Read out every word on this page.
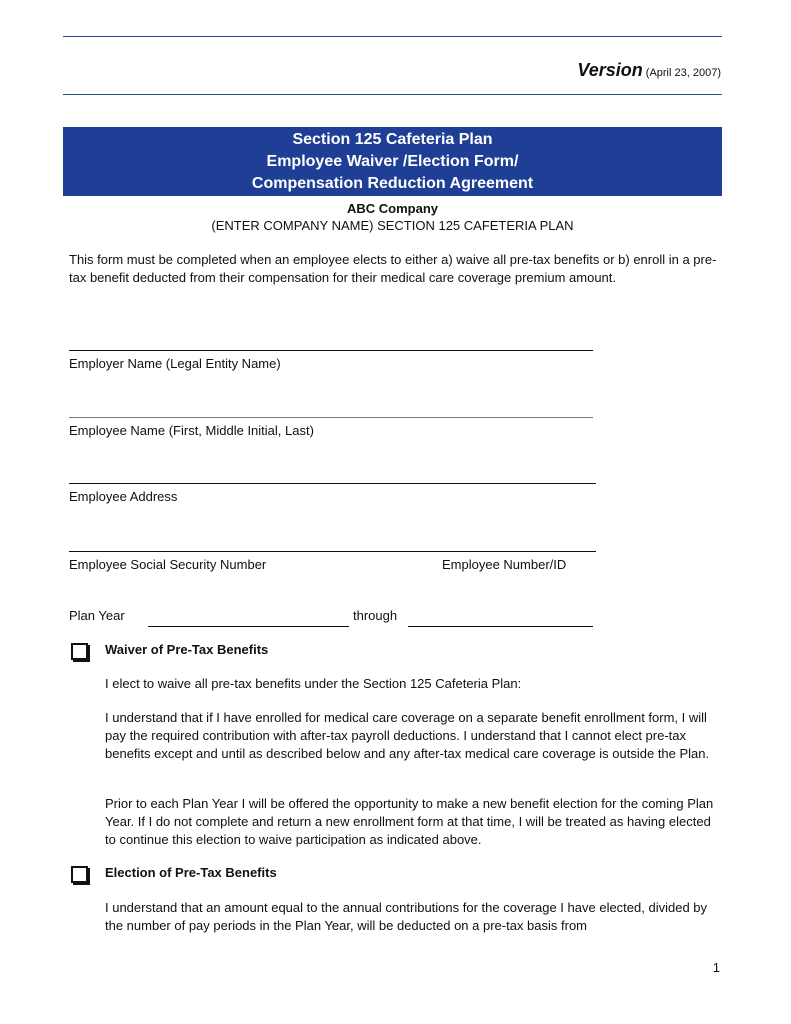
Version (April 23, 2007)
Section 125 Cafeteria Plan
Employee Waiver /Election Form/
Compensation Reduction Agreement
ABC Company
(ENTER COMPANY NAME) SECTION 125 CAFETERIA PLAN
This form must be completed when an employee elects to either a) waive all pre-tax benefits or b) enroll in a pre-tax benefit deducted from their compensation for their medical care coverage premium amount.
Employer Name (Legal Entity Name)
Employee Name (First, Middle Initial, Last)
Employee Address
Employee Social Security Number	Employee Number/ID
Plan Year	through
Waiver of Pre-Tax Benefits
I elect to waive all pre-tax benefits under the Section 125 Cafeteria Plan:
I understand that if I have enrolled for medical care coverage on a separate benefit enrollment form, I will pay the required contribution with after-tax payroll deductions. I understand that I cannot elect pre-tax benefits except and until as described below and any after-tax medical care coverage is outside the Plan.
Prior to each Plan Year I will be offered the opportunity to make a new benefit election for the coming Plan Year. If I do not complete and return a new enrollment form at that time, I will be treated as having elected to continue this election to waive participation as indicated above.
Election of Pre-Tax Benefits
I understand that an amount equal to the annual contributions for the coverage I have elected, divided by the number of pay periods in the Plan Year, will be deducted on a pre-tax basis from
1
